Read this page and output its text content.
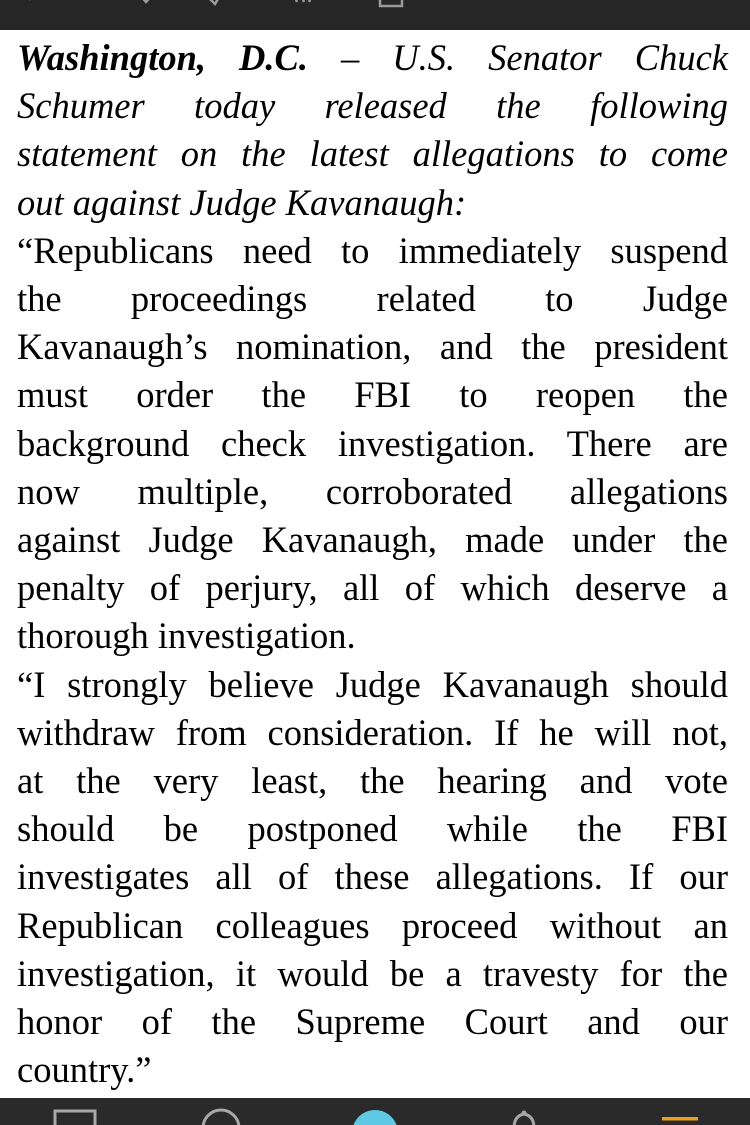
Washington, D.C. – U.S. Senator Chuck
Schumer today released the following
statement on the latest allegations to come
out against Judge Kavanaugh:
“Republicans need to immediately suspend
the proceedings related to Judge
Kavanaugh’s nomination, and the president
must order the FBI to reopen the
background check investigation. There are
now multiple, corroborated allegations
against Judge Kavanaugh, made under the
penalty of perjury, all of which deserve a
thorough investigation.
“I strongly believe Judge Kavanaugh should
withdraw from consideration. If he will not,
at the very least, the hearing and vote
should be postponed while the FBI
investigates all of these allegations. If our
Republican colleagues proceed without an
investigation, it would be a travesty for the
honor of the Supreme Court and our
country.”
